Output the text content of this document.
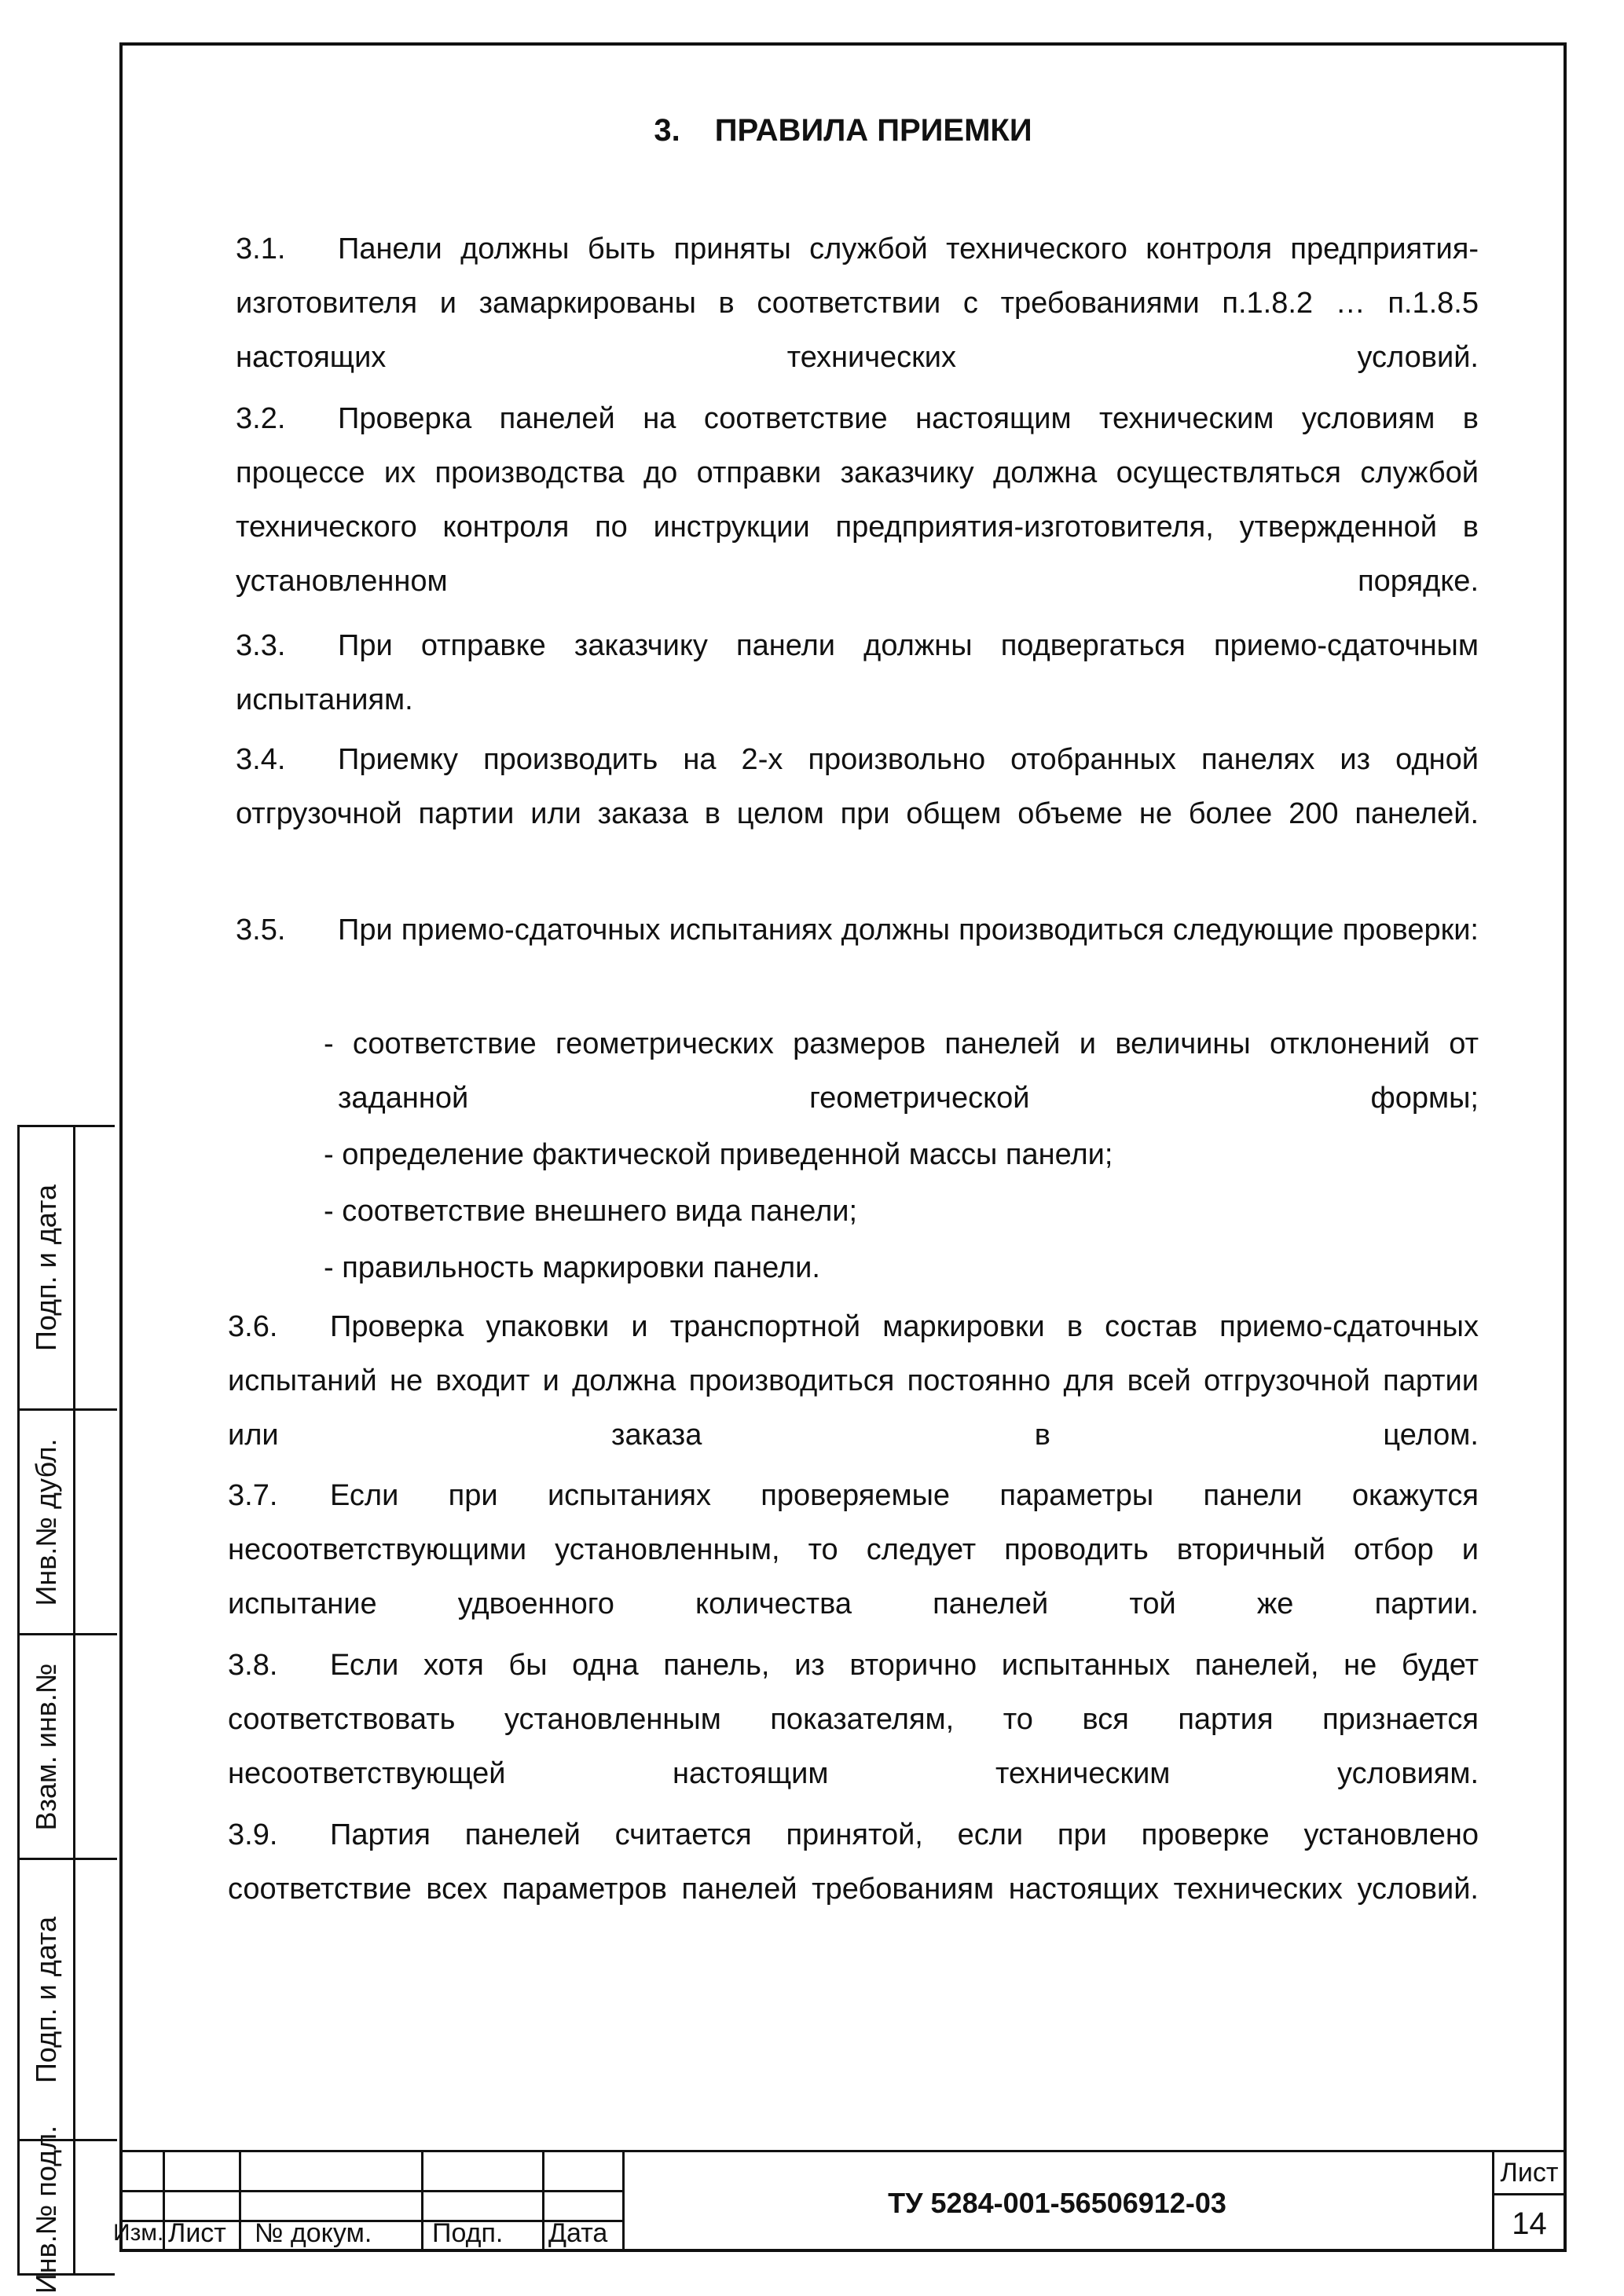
3. ПРАВИЛА ПРИЕМКИ

3.1. Панели должны быть приняты службой технического контроля предприятия-изготовителя и замаркированы в соответствии с требованиями п.1.8.2 … п.1.8.5 настоящих технических условий.

3.2. Проверка панелей на соответствие настоящим техническим условиям в процессе их производства до отправки заказчику должна осуществляться службой технического контроля по инструкции предприятия-изготовителя, утвержденной в установленном порядке.

3.3. При отправке заказчику панели должны подвергаться приемо-сдаточным испытаниям.

3.4. Приемку производить на 2-х произвольно отобранных панелях из одной отгрузочной партии или заказа в целом при общем объеме не более 200 панелей.

3.5. При приемо-сдаточных испытаниях должны производиться следующие проверки:

- соответствие геометрических размеров панелей и величины отклонений от заданной геометрической формы;

- определение фактической приведенной массы панели;

- соответствие внешнего вида панели;

- правильность маркировки панели.

3.6. Проверка упаковки и транспортной маркировки в состав приемо-сдаточных испытаний не входит и должна производиться постоянно для всей отгрузочной партии или заказа в целом.

3.7. Если при испытаниях проверяемые параметры панели окажутся несоответствующими установленным, то следует проводить вторичный отбор и испытание удвоенного количества панелей той же партии.

3.8. Если хотя бы одна панель, из вторично испытанных панелей, не будет соответствовать установленным показателям, то вся партия признается несоответствующей настоящим техническим условиям.

3.9. Партия панелей считается принятой, если при проверке установлено соответствие всех параметров панелей требованиям настоящих технических условий.

Подп. и дата
Инв.№ дубл.
Взам. инв.№
Подп. и дата
Инв.№ подл. Изм. Лист № докум. Подп. Дата
ТУ 5284-001-56506912-03
Лист
14
